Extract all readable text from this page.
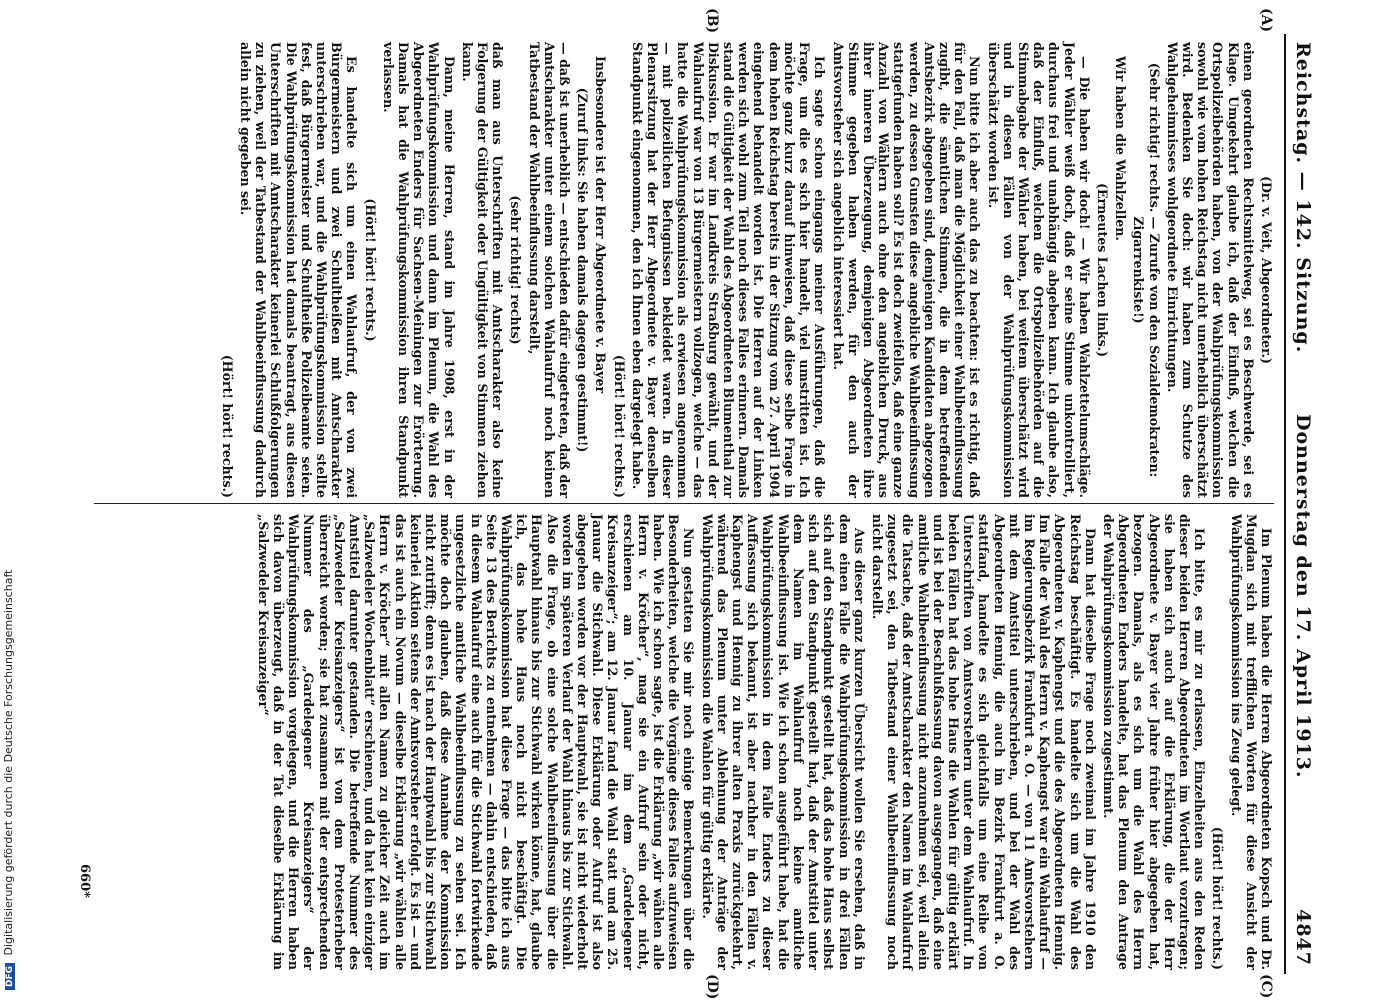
DFG Digitalisierung gefördert durch die Deutsche Forschungsgemeinschaft
Reichstag. — 142. Sitzung.
Donnerstag den 17. April 1913.
4847

(Dr. v. Veit, Abgeordneter.)

einen geordneten Rechtsmittelweg, sei es Beschwerde, sei es Klage. Umgekehrt glaube ich, daß der Einfluß, welchen die Ortspolizeibehörden haben, von der Wahlprüfungskommission sowohl wie vom hohen Reichstag nicht unerheblich überschätzt wird. Bedenken Sie doch: wir haben zum Schutze des Wahlgeheimnisses wohlgeordnete Einrichtungen.

(Sehr richtig! rechts. — Zurufe von den Sozialdemokraten: Zigarrenkiste!)

Wir haben die Wahlzellen.

(Erneutes Lachen links.)

— Die haben wir doch! — Wir haben Wahlzettelumschläge. Jeder Wähler weiß doch, daß er seine Stimme unkontrolliert, durchaus frei und unabhängig abgeben kann. Ich glaube also, daß der Einfluß, welchen die Ortspolizeibehörden auf die Stimmabgabe der Wähler haben, bei weitem überschätzt wird und in diesen Fällen von der Wahlprüfungskommission überschätzt worden ist.

Nun bitte ich aber auch das zu beachten: ist es richtig, daß für den Fall, daß man die Möglichkeit einer Wahlbeeinflussung zugibt, die sämtlichen Stimmen, die in dem betreffenden Amtsbezirk abgegeben sind, demjenigen Kandidaten abgezogen werden, zu dessen Gunsten diese angebliche Wahlbeeinflussung stattgefunden haben soll? Es ist doch zweifellos, daß eine ganze Anzahl von Wählern auch ohne den angeblichen Druck, aus ihrer inneren Überzeugung, demjenigen Abgeordneten ihre Stimme gegeben haben werden, für den auch der Amtsvorsteher sich angeblich interessiert hat.

Ich sagte schon eingangs meiner Ausführungen, daß die Frage, um die es sich hier handelt, viel umstritten ist. Ich möchte ganz kurz darauf hinweisen, daß diese selbe Frage in dem hohen Reichstag bereits in der Sitzung vom 27. April 1904 eingehend behandelt worden ist. Die Herren auf der Linken werden sich wohl zum Teil noch dieses Falles erinnern. Damals stand die Gültigkeit der Wahl des Abgeordneten Blumenthal zur Diskussion. Er war im Landkreis Straßburg gewählt, und der Wahlaufruf war von 13 Bürgermeistern vollzogen, welche — das hatte die Wahlprüfungskommission als erwiesen angenommen — mit polizeilichen Befugnissen bekleidet waren. In dieser Plenarsitzung hat der Herr Abgeordnete v. Bayer denselben Standpunkt eingenommen, den ich Ihnen eben dargelegt habe.

(Hört! hört! rechts.)

Insbesondere ist der Herr Abgeordnete v. Bayer

(Zuruf links: Sie haben damals dagegen gestimmt!)

— daß ist unerheblich — entschieden dafür eingetreten, daß der Amtscharakter unter einem solchen Wahlaufruf noch keinen Tatbestand der Wahlbeeinflussung darstellt,

(sehr richtig! rechts)

daß man aus Unterschriften mit Amtscharakter also keine Folgerung der Gültigkeit oder Ungültigkeit von Stimmen ziehen kann.

Dann, meine Herren, stand im Jahre 1908, erst in der Wahlprüfungskommission und dann im Plenum, die Wahl des Abgeordneten Enders für Sachsen-Meiningen zur Erörterung. Damals hat die Wahlprüfungskommission ihren Standpunkt verlassen.

(Hört! hört! rechts.)

Es handelte sich um einen Wahlaufruf, der von zwei Bürgermeistern und zwei Schultheißen mit Amtscharakter unterschrieben war, und die Wahlprüfungskommission stellte fest, daß Bürgermeister und Schultheiße Polizeibeamte seien. Die Wahlprüfungskommission hat damals beantragt, aus diesen Unterschriften mit Amtscharakter keinerlei Schlußfolgerungen zu ziehen, weil der Tatbestand der Wahlbeeinflussung dadurch allein nicht gegeben sei.

(Hört! hört! rechts.)

Im Plenum haben die Herren Abgeordneten Kopsch und Dr. Mugdan sich mit trefflichen Worten für diese Ansicht der Wahlprüfungskommission ins Zeug gelegt.

(Hört! hört! rechts.)

Ich bitte, es mir zu erlassen, Einzelheiten aus den Reden dieser beiden Herren Abgeordneten im Wortlaut vorzutragen; sie haben sich auch auf die Erklärung, die der Herr Abgeordnete v. Bayer vier Jahre früher hier abgegeben hat, bezogen. Damals, als es sich um die Wahl des Herrn Abgeordneten Enders handelte, hat das Plenum den Antrage der Wahlprüfungskommission zugestimmt.

Dann hat dieselbe Frage noch zweimal im Jahre 1910 den Reichstag beschäftigt. Es handelte sich um die Wahl des Abgeordneten v. Kaphengst und die des Abgeordneten Hennig. Im Falle der Wahl des Herrn v. Kaphengst war ein Wahlaufruf — im Regierungsbezirk Frankfurt a. O. — von 11 Amtsvorstehern mit dem Amtstitel unterschrieben, und bei der Wahl des Abgeordneten Hennig, die auch im Bezirk Frankfurt a. O. stattfand, handelte es sich gleichfalls um eine Reihe von Unterschriften von Amtsvorstehern unter dem Wahlaufruf. In beiden Fällen hat das hohe Haus die Wahlen für gültig erklärt und ist bei der Beschlußfassung davon ausgegangen, daß eine amtliche Wahlbeeinflussung nicht anzunehmen sei, weil allein die Tatsache, daß der Amtscharakter den Namen im Wahlaufruf zugesetzt sei, den Tatbestand einer Wahlbeeinflussung noch nicht darstellt.

Aus dieser ganz kurzen Übersicht wollen Sie ersehen, daß in dem einen Falle die Wahlprüfungskommission in drei Fällen sich auf den Standpunkt gestellt hat, daß das hohe Haus selbst sich auf den Standpunkt gestellt hat, daß der Amtstitel unter dem Namen im Wahlaufruf noch keine amtliche Wahlbeeinflussung ist. Wie ich schon ausgeführt habe, hat die Wahlprüfungskommission in dem Falle Enders zu dieser Auffassung sich bekannt, ist aber nachher in den Fällen v. Kaphengst und Hennig zu ihrer alten Praxis zurückgekehrt, während das Plenum unter Ablehnung der Anträge der Wahlprüfungskommission die Wahlen für gültig erklärte.

Nun gestatten Sie mir noch einige Bemerkungen über die Besonderheiten, welche die Vorgänge dieses Falles aufzuweisen haben. Wie ich schon sagte, ist die Erklärung „wir wählen alle Herrn v. Kröcher“, mag sie ein Aufruf sein oder nicht, erschienen am 10. Januar im dem „Gardelegener Kreisanzeiger“; am 12. Januar fand die Wahl statt und am 25. Januar die Stichwahl. Diese Erklärung oder Aufruf ist also abgegeben worden vor der Hauptwahl, sie ist nicht wiederholt worden im späteren Verlauf der Wahl hinaus bis zur Stichwahl. Also die Frage, ob eine solche Wahlbeeinflussung über die Hauptwahl hinaus bis zur Stichwahl wirken könne, hat, glaube ich, das hohe Haus noch nicht beschäftigt. Die Wahlprüfungskommission hat diese Frage — das bitte ich aus Seite 13 des Berichts zu entnehmen — dahin entschieden, daß in diesem Wahlaufruf eine auch für die Stichwahl fortwirkende ungesetzliche amtliche Wahlbeeinflussung zu sehen sei. Ich möchte doch glauben, daß diese Annahme der Kommission nicht zutrifft; denn es ist nach der Hauptwahl bis zur Stichwahl keinerlei Aktion seitens der Amtsvorsteher erfolgt. Es ist — und das ist auch ein Novum — dieselbe Erklärung „wir wählen alle Herrn v. Kröcher“ mit allen Namen zu gleicher Zeit auch im „Salzwedeler Wochenblatt“ erschienen, und da hat kein einziger Amtstitel darunter gestanden. Die betreffende Nummer des „Salzwedeler Kreisanzeigers“ ist von dem Protesterheber überreicht worden; sie hat zusammen mit der entsprechenden Nummer des „Gardelegener Kreisanzeigers“ der Wahlprüfungskommission vorgelegen, und die Herren haben sich davon überzeugt, daß in der Tat dieselbe Erklärung im „Salzwedeler Kreisanzeiger“

(A)
(B)
(C)
(D)
660*
